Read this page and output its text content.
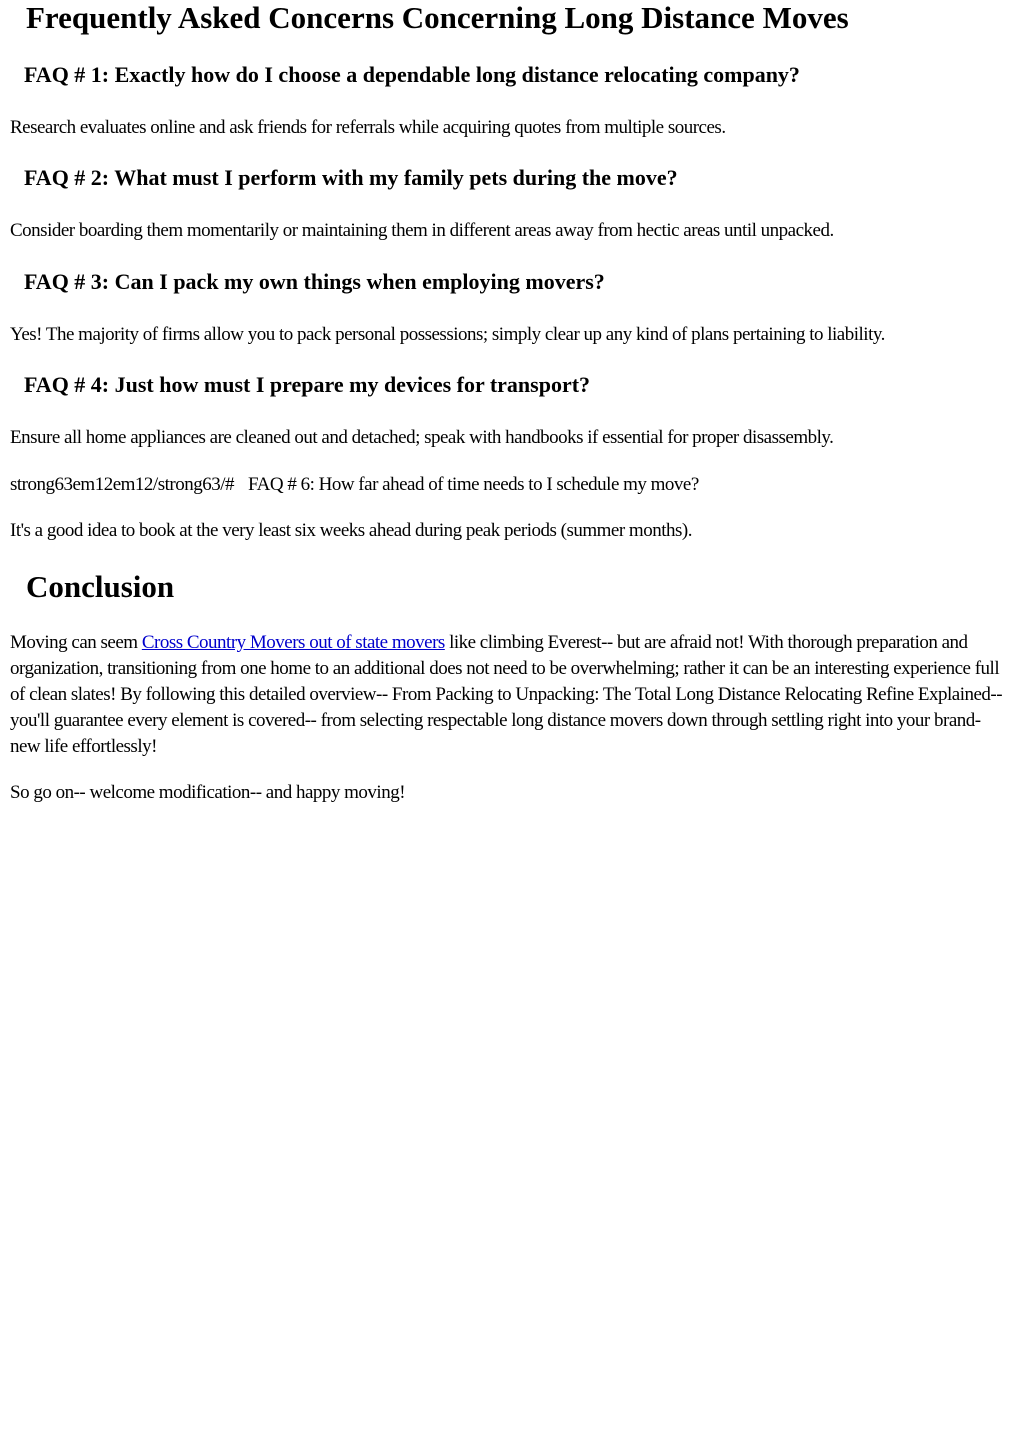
Frequently Asked Concerns Concerning Long Distance Moves
FAQ # 1: Exactly how do I choose a dependable long distance relocating company?

Research evaluates online and ask friends for referrals while acquiring quotes from multiple sources.

FAQ # 2: What must I perform with my family pets during the move?

Consider boarding them momentarily or maintaining them in different areas away from hectic areas until unpacked.

FAQ # 3: Can I pack my own things when employing movers?

Yes! The majority of firms allow you to pack personal possessions; simply clear up any kind of plans pertaining to liability.

FAQ # 4: Just how must I prepare my devices for transport?

Ensure all home appliances are cleaned out and detached; speak with handbooks if essential for proper disassembly.

strong63em12em12/strong63/# FAQ # 6: How far ahead of time needs to I schedule my move?

It's a good idea to book at the very least six weeks ahead during peak periods (summer months).

Conclusion

Moving can seem Cross Country Movers out of state movers like climbing Everest-- but are afraid not! With thorough preparation and organization, transitioning from one home to an additional does not need to be overwhelming; rather it can be an interesting experience full of clean slates! By following this detailed overview-- From Packing to Unpacking: The Total Long Distance Relocating Refine Explained-- you'll guarantee every element is covered-- from selecting respectable long distance movers down through settling right into your brand-new life effortlessly!

So go on-- welcome modification-- and happy moving!
